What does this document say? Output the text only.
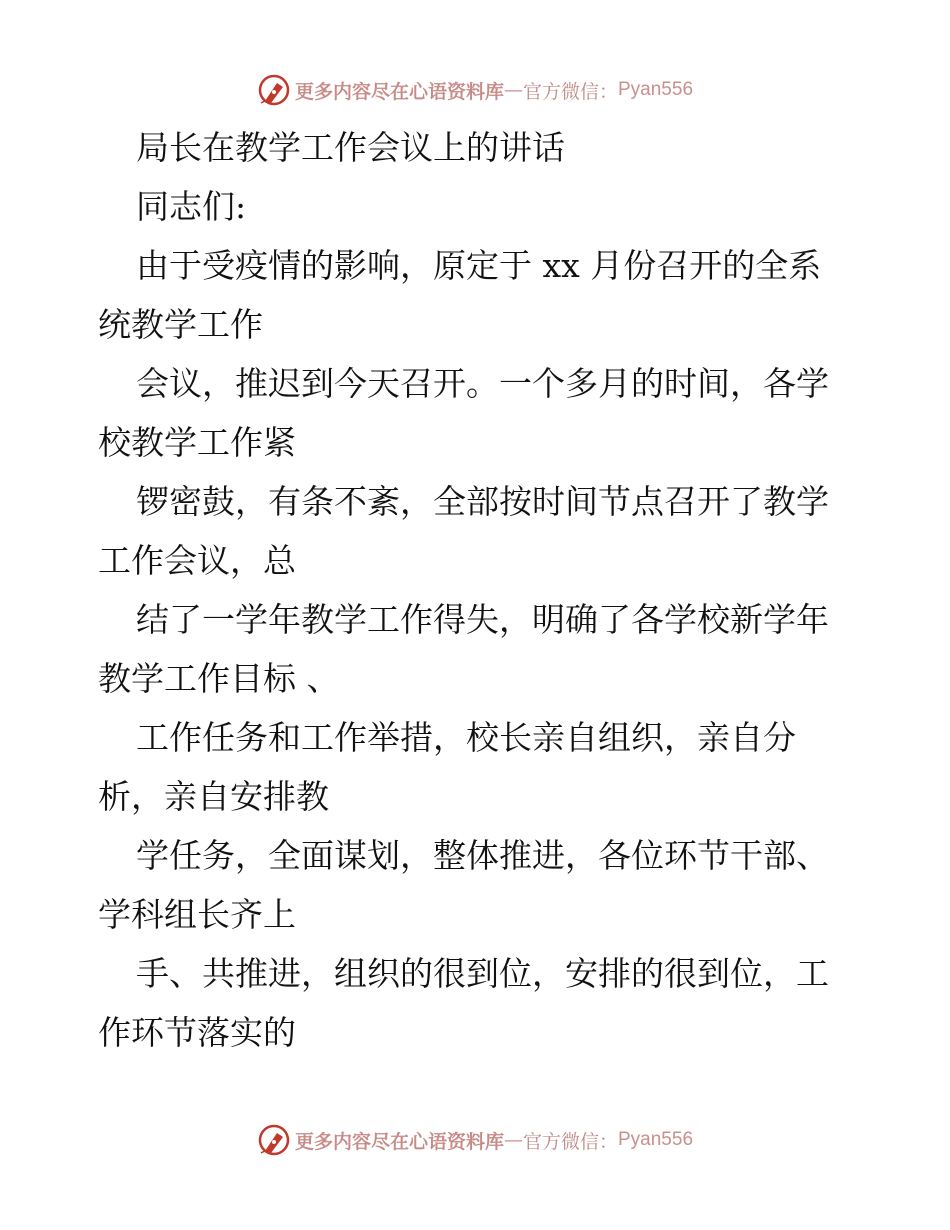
更多内容尽在心语资料库 — 官方微信： Pyan556
局长在教学工作会议上的讲话
同志们:
由于受疫情的影响，原定于 xx 月份召开的全系
统教学工作
会议，推迟到今天召开。一个多月的时间，各学
校教学工作紧
锣密鼓，有条不紊，全部按时间节点召开了教学
工作会议，总
结了一学年教学工作得失，明确了各学校新学年
教学工作目标 、
工作任务和工作举措，校长亲自组织，亲自分
析，亲自安排教
学任务，全面谋划，整体推进，各位环节干部、
学科组长齐上
手、共推进，组织的很到位，安排的很到位，工
作环节落实的
更多内容尽在心语资料库 — 官方微信： Pyan556
